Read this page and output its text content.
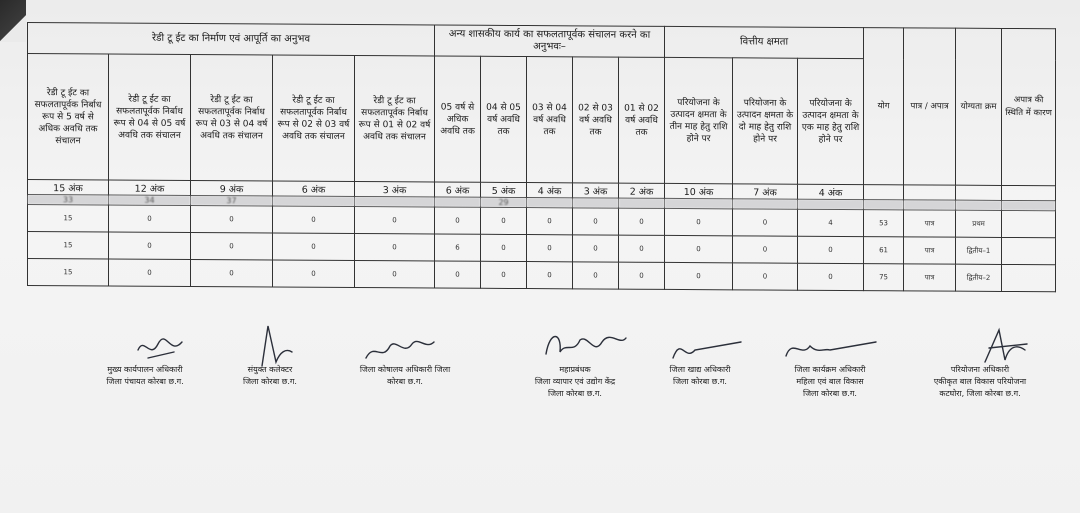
रेडी टू ईट का निर्माण एवं आपूर्ति का अनुभव					अन्य शासकीय कार्य का सफलतापूर्वक संचालन करने का अनुभवः–					वित्तीय क्षमता			योग	पात्र / अपात्र	योग्यता क्रम	अपात्र की स्थिति में कारण
रेडी टू ईट का सफलतापूर्वक निर्बाध रूप से 5 वर्ष से अधिक अवधि तक संचालन	रेडी टू ईट का सफलतापूर्वक निर्बाध रूप से 04 से 05 वर्ष अवधि तक संचालन	रेडी टू ईट का सफलतापूर्वक निर्बाध रूप से 03 से 04 वर्ष अवधि तक संचालन	रेडी टू ईट का सफलतापूर्वक निर्बाध रूप से 02 से 03 वर्ष अवधि तक संचालन	रेडी टू ईट का सफलतापूर्वक निर्बाध रूप से 01 से 02 वर्ष अवधि तक संचालन	05 वर्ष से अधिक अवधि तक	04 से 05 वर्ष अवधि तक	03 से 04 वर्ष अवधि तक	02 से 03 वर्ष अवधि तक	01 से 02 वर्ष अवधि तक	परियोजना के उत्पादन क्षमता के तीन माह हेतु राशि होने पर	परियोजना के उत्पादन क्षमता के दो माह हेतु राशि होने पर	परियोजना के उत्पादन क्षमता के एक माह हेतु राशि होने पर				
15 अंक	12 अंक	9 अंक	6 अंक	3 अंक	6 अंक	5 अंक	4 अंक	3 अंक	2 अंक	10 अंक	7 अंक	4 अंक				
33	34	37				29										
15	0	0	0	0	0	0	0	0	0	0	0	4	53	पात्र	प्रथम	
15	0	0	0	0	6	0	0	0	0	0	0	0	61	पात्र	द्वितीय–1	
15	0	0	0	0	0	0	0	0	0	0	0	0	75	पात्र	द्वितीय–2	
मुख्य कार्यपालन अधिकारी
जिला पंचायत कोरबा छ.ग.
संयुक्त कलेक्टर
जिला कोरबा छ.ग.
जिला कोषालय अधिकारी जिला
कोरबा छ.ग.
महाप्रबंधक
जिला व्यापार एवं उद्योग केंद्र
जिला कोरबा छ.ग.
जिला खाद्य अधिकारी
जिला कोरबा छ.ग.
जिला कार्यक्रम अधिकारी
महिला एवं बाल विकास
जिला कोरबा छ.ग.
परियोजना अधिकारी
एकीकृत बाल विकास परियोजना
कटघोरा, जिला कोरबा छ.ग.
